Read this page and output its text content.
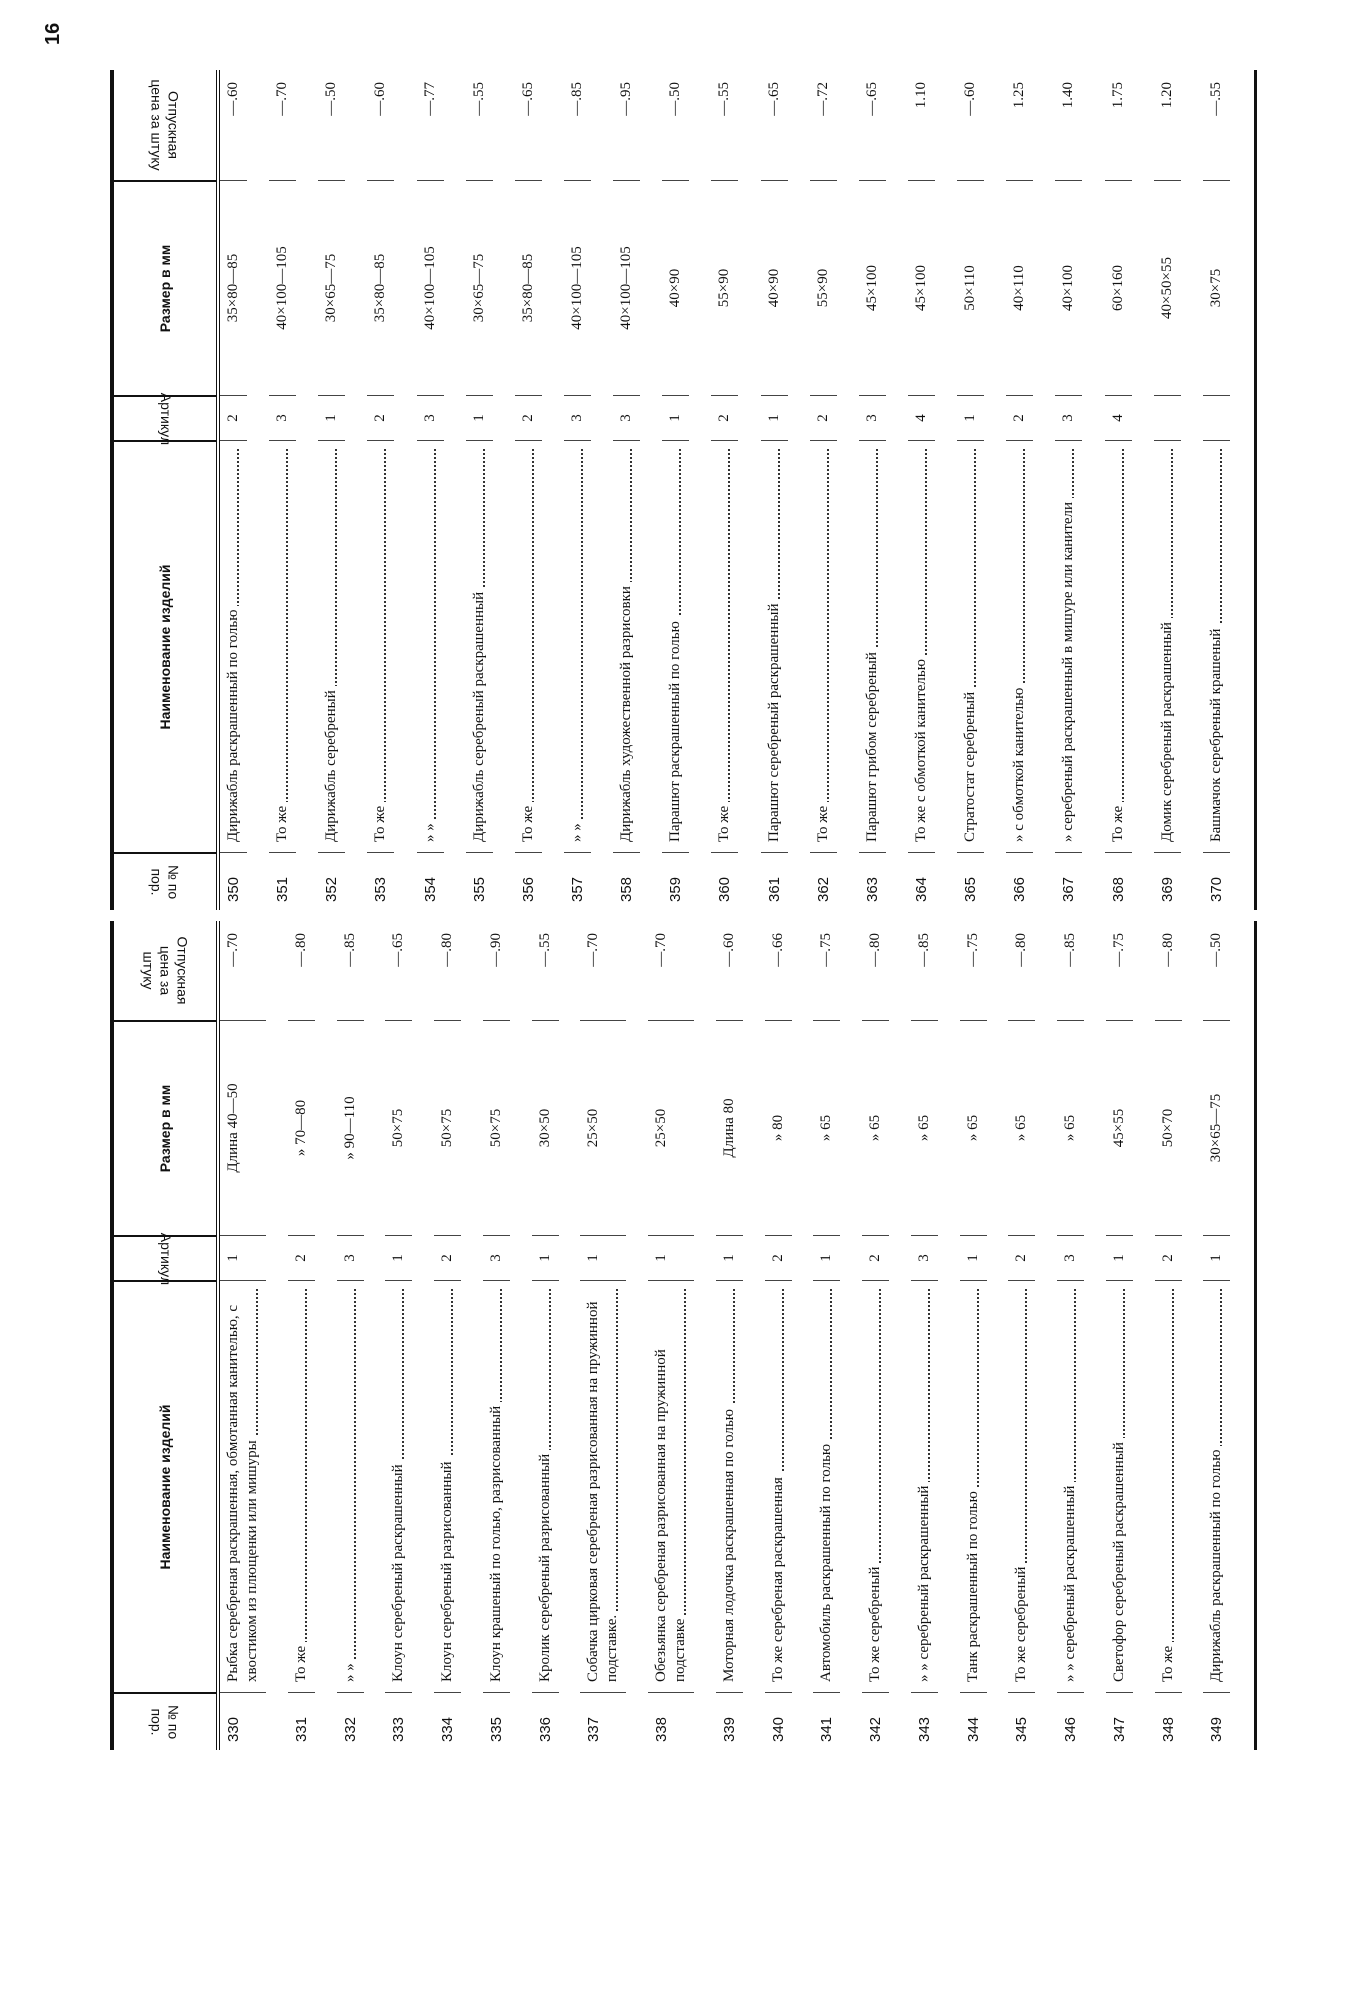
№ по пор.
Наименование изделий
Артикул
Размер в мм
Отпускная цена за штуку
330
Рыбка серебреная раскрашенная, обмотанная канителью, с хвостиком из плющенки или мишуры
1
Длина 40—50
—.70
331
То же
2
» 70—80
—.80
332
» »
3
» 90—110
—.85
333
Клоун серебреный раскрашенный
1
50×75
—.65
334
Клоун серебреный разрисованный
2
50×75
—.80
335
Клоун крашеный по голью, разрисованный
3
50×75
—.90
336
Кролик серебреный разрисованный
1
30×50
—.55
337
Собачка цирковая серебреная разрисованная на пружинной подставке.
1
25×50
—.70
338
Обезьянка серебреная разрисованная на пружинной подставке
1
25×50
—.70
339
Моторная лодочка раскрашенная по голью
1
Длина 80
—.60
340
То же серебреная раскрашенная
2
» 80
—.66
341
Автомобиль раскрашенный по голью
1
» 65
—.75
342
То же серебреный
2
» 65
—.80
343
» » серебреный раскрашенный
3
» 65
—.85
344
Танк раскрашенный по голью
1
» 65
—.75
345
То же серебреный
2
» 65
—.80
346
» » серебреный раскрашенный
3
» 65
—.85
347
Светофор серебреный раскрашенный
1
45×55
—.75
348
То же
2
50×70
—.80
349
Дирижабль раскрашенный по голью
1
30×65—75
—.50
№ по пор.
Наименование изделий
Артикул
Размер в мм
Отпускная цена за штуку
350
Дирижабль раскрашенный по голью
2
35×80—85
—.60
351
То же
3
40×100—105
—.70
352
Дирижабль серебреный
1
30×65—75
—.50
353
То же
2
35×80—85
—.60
354
» »
3
40×100—105
—.77
355
Дирижабль серебреный раскрашенный
1
30×65—75
—.55
356
То же
2
35×80—85
—.65
357
» »
3
40×100—105
—.85
358
Дирижабль художественной разрисовки
3
40×100—105
—.95
359
Парашют раскрашенный по голью
1
40×90
—.50
360
То же
2
55×90
—.55
361
Парашют серебреный раскрашенный
1
40×90
—.65
362
То же
2
55×90
—.72
363
Парашют грибом серебреный
3
45×100
—.65
364
То же с обмоткой канителью
4
45×100
1.10
365
Стратостат серебреный
1
50×110
—.60
366
» с обмоткой канителью
2
40×110
1.25
367
» серебреный раскрашенный в мишуре или канители
3
40×100
1.40
368
То же
4
60×160
1.75
369
Домик серебреный раскрашенный
40×50×55
1.20
370
Башмачок серебреный крашеный
30×75
—.55
16
